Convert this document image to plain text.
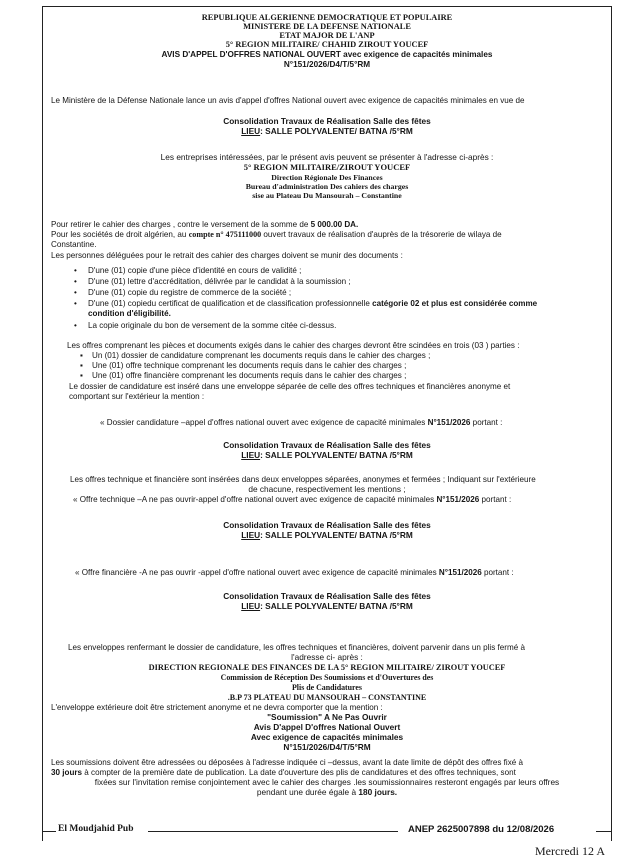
REPUBLIQUE ALGERIENNE DEMOCRATIQUE ET POPULAIRE
MINISTERE DE LA DEFENSE NATIONALE
ETAT MAJOR DE L'ANP
5° REGION MILITAIRE/ CHAHID ZIROUT YOUCEF
AVIS D'APPEL D'OFFRES NATIONAL OUVERT avec exigence de capacités minimales
N°151/2026/D4/T/5°RM
Le Ministère de la Défense Nationale lance un avis d'appel d'offres National ouvert avec exigence de capacités minimales en vue de
Consolidation Travaux de Réalisation Salle des fêtes
LIEU: SALLE POLYVALENTE/ BATNA /5°RM
Les entreprises intéressées, par le présent avis peuvent se présenter à l'adresse ci-après :
5° REGION MILITAIRE/ZIROUT YOUCEF
Direction Régionale Des Finances
Bureau d'administration Des cahiers des charges
sise au Plateau Du Mansourah – Constantine
Pour retirer le cahier des charges , contre le versement de la somme de 5 000.00 DA.
Pour les sociétés de droit algérien, au compte n° 475111000 ouvert travaux de réalisation d'auprès de la trésorerie de wilaya de
Constantine.
Les personnes déléguées pour le retrait des cahier des charges doivent se munir des documents :
• D'une (01) copie d'une pièce d'identité en cours de validité ;
• D'une (01) lettre d'accréditation, délivrée par le candidat à la soumission ;
• D'une (01) copie du registre de commerce de la société ;
• D'une (01) copiedu certificat de qualification et de classification professionnelle catégorie 02 et plus est considérée comme
condition d'éligibilité.
• La copie originale du bon de versement de la somme citée ci-dessus.
Les offres comprenant les pièces et documents exigés dans le cahier des charges devront être scindées en trois (03 ) parties :
▪ Un (01) dossier de candidature comprenant les documents requis dans le cahier des charges ;
▪ Une (01) offre technique comprenant les documents requis dans le cahier des charges ;
▪ Une (01) offre financière comprenant les documents requis dans le cahier des charges ;
Le dossier de candidature est inséré dans une enveloppe séparée de celle des offres techniques et financières anonyme et
comportant sur l'extérieur la mention :
« Dossier candidature –appel d'offres national ouvert avec exigence de capacité minimales N°151/2026 portant :
Consolidation Travaux de Réalisation Salle des fêtes
LIEU: SALLE POLYVALENTE/ BATNA /5°RM
Les offres technique et financière sont insérées dans deux enveloppes séparées, anonymes et fermées ; Indiquant sur l'extérieure
de chacune, respectivement les mentions ;
« Offre technique –A ne pas ouvrir-appel d'offre national ouvert avec exigence de capacité minimales N°151/2026 portant :
Consolidation Travaux de Réalisation Salle des fêtes
LIEU: SALLE POLYVALENTE/ BATNA /5°RM
« Offre financière -A ne pas ouvrir -appel d'offre national ouvert avec exigence de capacité minimales N°151/2026 portant :
Consolidation Travaux de Réalisation Salle des fêtes
LIEU: SALLE POLYVALENTE/ BATNA /5°RM
Les enveloppes renfermant le dossier de candidature, les offres techniques et financières, doivent parvenir dans un plis fermé à
l'adresse ci- après :
DIRECTION REGIONALE DES FINANCES DE LA 5° REGION MILITAIRE/ ZIROUT YOUCEF
Commission de Réception Des Soumissions et d'Ouvertures des
Plis de Candidatures
.B.P 73 PLATEAU DU MANSOURAH – CONSTANTINE
L'enveloppe extérieure doit être strictement anonyme et ne devra comporter que la mention :
"Soumission" A Ne Pas Ouvrir
Avis D'appel D'offres National Ouvert
Avec exigence de capacités minimales
N°151/2026/D4/T/5°RM
Les soumissions doivent être adressées ou déposées à l'adresse indiquée ci –dessus, avant la date limite de dépôt des offres fixé à
30 jours à compter de la première date de publication. La date d'ouverture des plis de candidatures et des offres techniques, sont
fixées sur l'invitation remise conjointement avec le cahier des charges .les soumissionnaires resteront engagés par leurs offres
pendant une durée égale à 180 jours.
El Moudjahid Pub	ANEP 2625007898 du 12/08/2026
Mercredi 12 A
